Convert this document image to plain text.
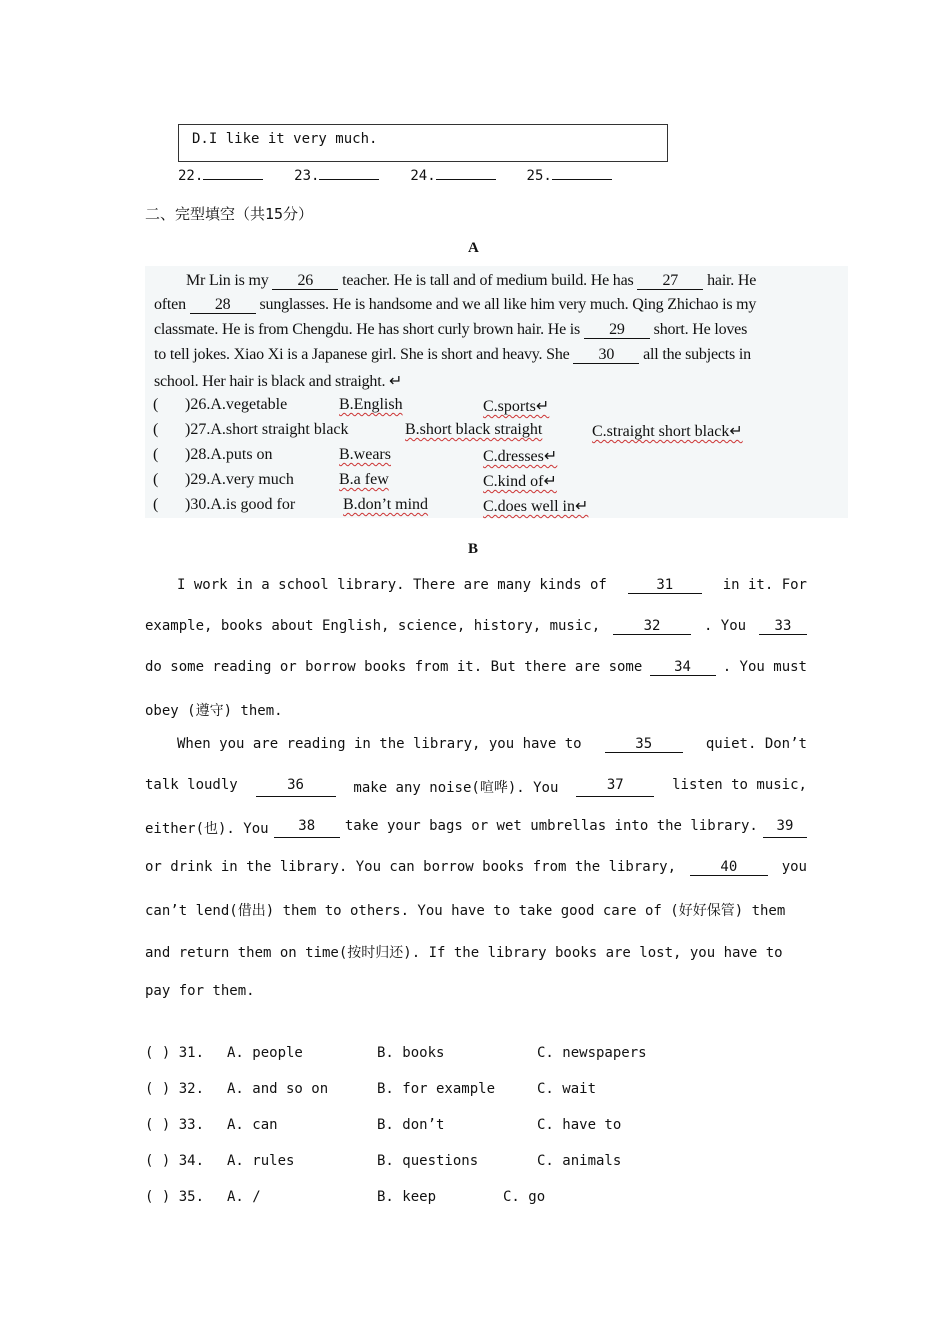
D.I like it very much.
22.	23.	24.	25.
二、完型填空（共15分）
A
Mr Lin is my 26 teacher. He is tall and of medium build. He has 27 hair. He
often 28 sunglasses. He is handsome and we all like him very much. Qing Zhichao is my
classmate. He is from Chengdu. He has short curly brown hair. He is 29 short. He loves
to tell jokes. Xiao Xi is a Japanese girl. She is short and heavy. She 30 all the subjects in
school. Her hair is black and straight. ↵
( )26.A.vegetable	B.English	C.sports↵
( )27.A.short straight black	B.short black straight	C.straight short black↵
( )28.A.puts on	B.wears	C.dresses↵
( )29.A.very much	B.a few	C.kind of↵
( )30.A.is good for	B.don’t mind	C.does well in↵
B
I work in a school library. There are many kinds of	31	in it. For
example, books about English, science, history, music,	32	. You	33
do some reading or borrow books from it. But there are some	34	. You must
obey (遵守) them.
When you are reading in the library, you have to	35	quiet. Don’t
talk loudly	36	make any noise(喧哗). You	37	listen to music,
either(也). You	38	take your bags or wet umbrellas into the library.	39
or drink in the library. You can borrow books from the library,	40	you
can’t lend(借出) them to others. You have to take good care of (好好保管) them
and return them on time(按时归还). If the library books are lost, you have to
pay for them.
( ) 31. A. people	B. books	C. newspapers
( ) 32. A. and so on	B. for example	C. wait
( ) 33. A. can	B. don’t	C. have to
( ) 34. A. rules	B. questions	C. animals
( ) 35. A. /	B. keep	C. go
